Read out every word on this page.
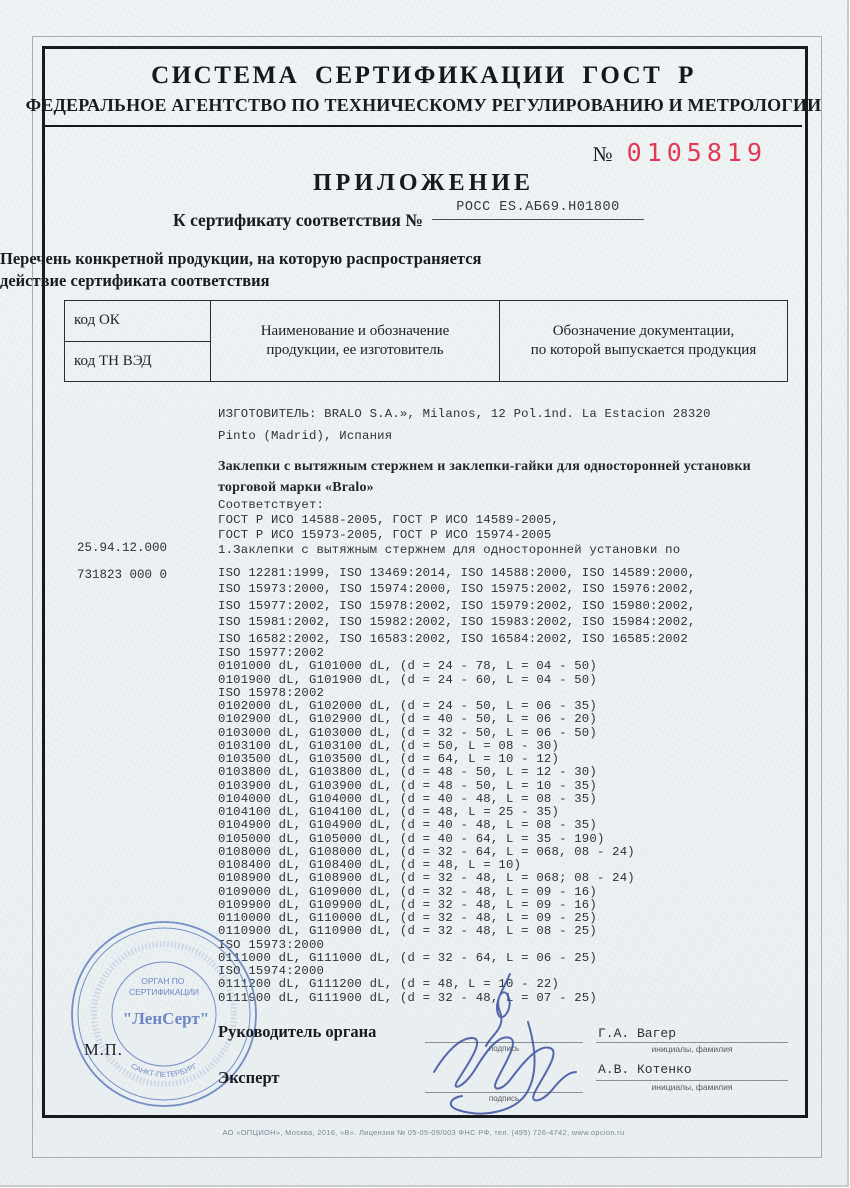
СИСТЕМА СЕРТИФИКАЦИИ ГОСТ Р
ФЕДЕРАЛЬНОЕ АГЕНТСТВО ПО ТЕХНИЧЕСКОМУ РЕГУЛИРОВАНИЮ И МЕТРОЛОГИИ
№ 0105819
ПРИЛОЖЕНИЕ
К сертификату соответствия №
РОСС ES.АБ69.Н01800
Перечень конкретной продукции, на которую распространяется
действие сертификата соответствия
код ОК
код ТН ВЭД
Наименование и обозначение
продукции, ее изготовитель
Обозначение документации,
по которой выпускается продукция
25.94.12.000
731823 000 0
ИЗГОТОВИТЕЛЬ: BRALO S.A.», Milanos, 12 Pol.1nd. La Estacion 28320
Pinto (Madrid), Испания
Заклепки с вытяжным стержнем и заклепки-гайки для односторонней установки
торговой марки «Bralo»
Соответствует:
ГОСТ Р ИСО 14588-2005, ГОСТ Р ИСО 14589-2005,
ГОСТ Р ИСО 15973-2005, ГОСТ Р ИСО 15974-2005
1.Заклепки с вытяжным стержнем для односторонней установки по
ISO 12281:1999, ISO 13469:2014, ISO 14588:2000, ISO 14589:2000,
ISO 15973:2000, ISO 15974:2000, ISO 15975:2002, ISO 15976:2002,
ISO 15977:2002, ISO 15978:2002, ISO 15979:2002, ISO 15980:2002,
ISO 15981:2002, ISO 15982:2002, ISO 15983:2002, ISO 15984:2002,
ISO 16582:2002, ISO 16583:2002, ISO 16584:2002, ISO 16585:2002
ISO 15977:2002
0101000 dL, G101000 dL, (d = 24 - 78, L = 04 - 50)
0101900 dL, G101900 dL, (d = 24 - 60, L = 04 - 50)
ISO 15978:2002
0102000 dL, G102000 dL, (d = 24 - 50, L = 06 - 35)
0102900 dL, G102900 dL, (d = 40 - 50, L = 06 - 20)
0103000 dL, G103000 dL, (d = 32 - 50, L = 06 - 50)
0103100 dL, G103100 dL, (d = 50, L = 08 - 30)
0103500 dL, G103500 dL, (d = 64, L = 10 - 12)
0103800 dL, G103800 dL, (d = 48 - 50, L = 12 - 30)
0103900 dL, G103900 dL, (d = 48 - 50, L = 10 - 35)
0104000 dL, G104000 dL, (d = 40 - 48, L = 08 - 35)
0104100 dL, G104100 dL, (d = 48, L = 25 - 35)
0104900 dL, G104900 dL, (d = 40 - 48, L = 08 - 35)
0105000 dL, G105000 dL, (d = 40 - 64, L = 35 - 190)
0108000 dL, G108000 dL, (d = 32 - 64, L = 068, 08 - 24)
0108400 dL, G108400 dL, (d = 48, L = 10)
0108900 dL, G108900 dL, (d = 32 - 48, L = 068; 08 - 24)
0109000 dL, G109000 dL, (d = 32 - 48, L = 09 - 16)
0109900 dL, G109900 dL, (d = 32 - 48, L = 09 - 16)
0110000 dL, G110000 dL, (d = 32 - 48, L = 09 - 25)
0110900 dL, G110900 dL, (d = 32 - 48, L = 08 - 25)
ISO 15973:2000
0111000 dL, G111000 dL, (d = 32 - 64, L = 06 - 25)
ISO 15974:2000
0111200 dL, G111200 dL, (d = 48, L = 10 - 22)
0111900 dL, G111900 dL, (d = 32 - 48, L = 07 - 25)
ОРГАН ПО СЕРТИФИКАЦИИ
"ЛенСерт"
САНКТ-ПЕТЕРБУРГ
М.П.
Руководитель органа
Эксперт
подпись
подпись
Г.А. Вагер
А.В. Котенко
инициалы, фамилия
инициалы, фамилия
АО «ОПЦИОН», Москва, 2016, «В». Лицензия № 05-05-09/003 ФНС РФ, тел. (495) 726-4742, www.opcion.ru
